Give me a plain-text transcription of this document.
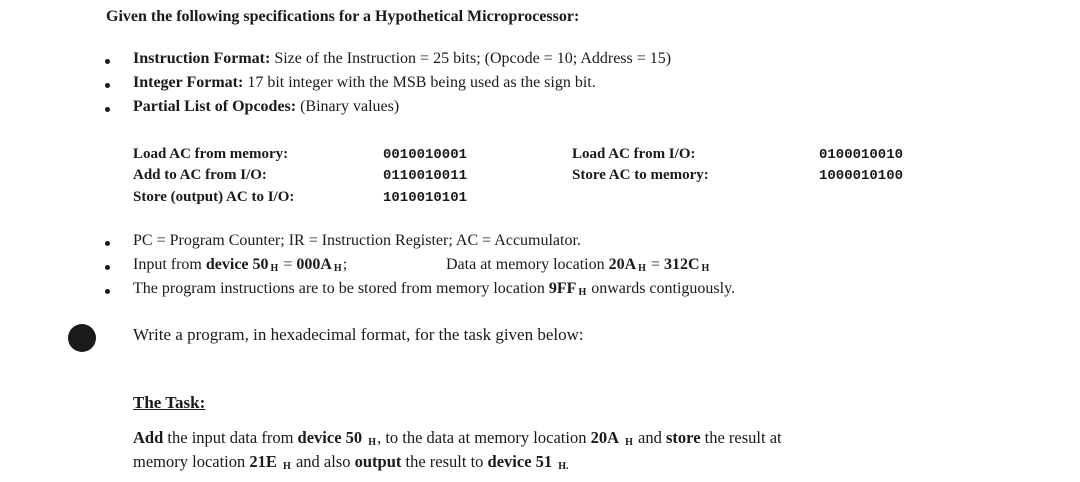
Given the following specifications for a Hypothetical Microprocessor:
Instruction Format: Size of the Instruction = 25 bits; (Opcode = 10; Address = 15)
Integer Format: 17 bit integer with the MSB being used as the sign bit.
Partial List of Opcodes: (Binary values)
Load AC from memory:	0010010001	Load AC from I/O:	0100010010
Add to AC from I/O:	0110010011	Store AC to memory:	1000010100
Store (output) AC to I/O:	1010010101
PC = Program Counter; IR = Instruction Register; AC = Accumulator.
Input from device 50 $_H$ = 000A $_H$;	Data at memory location 20A $_H$ = 312C $_H$
The program instructions are to be stored from memory location 9FF $_H$ onwards contiguously.
Write a program, in hexadecimal format, for the task given below:
The Task:
Add the input data from device 50 $_H$, to the data at memory location 20A $_H$ and store the result at
memory location 21E $_H$ and also output the result to device 51 $_{H.}$
